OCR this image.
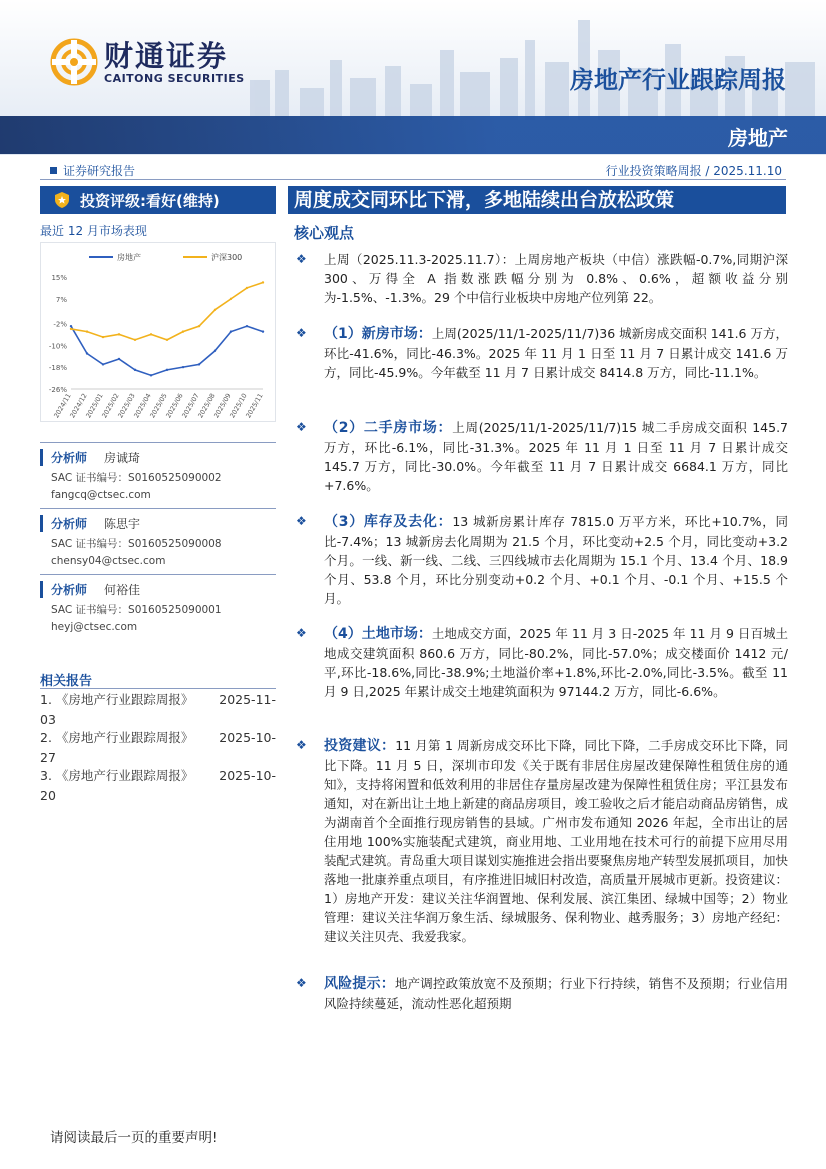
财通证券
CAITONG SECURITIES	房地产行业跟踪周报
房地产
证券研究报告	行业投资策略周报 / 2025.11.10
投资评级:看好(维持)
最近 12 月市场表现
房地产	沪深300
15%
7%
-2%
-10%
-18%
-26%
2024/11
2024/12
2025/01
2025/02
2025/03
2025/04
2025/05
2025/06
2025/07
2025/08
2025/09
2025/10
2025/11
分析师 房诚琦
SAC 证书编号：S0160525090002
fangcq@ctsec.com
分析师 陈思宇
SAC 证书编号：S0160525090008
chensy04@ctsec.com
分析师 何裕佳
SAC 证书编号：S0160525090001
heyj@ctsec.com
相关报告
1. 《房地产行业跟踪周报》 2025-11-
03
2. 《房地产行业跟踪周报》 2025-10-
27
3. 《房地产行业跟踪周报》 2025-10-
20
周度成交同环比下滑，多地陆续出台放松政策
核心观点
❖ 上周（2025.11.3-2025.11.7）：上周房地产板块（中信）涨跌幅-0.7%,同期沪深 300、万得全 A 指数涨跌幅分别为 0.8%、0.6%，超额收益分别为-1.5%、-1.3%。29 个中信行业板块中房地产位列第 22。
❖ （1）新房市场：上周(2025/11/1-2025/11/7)36 城新房成交面积 141.6 万方，环比-41.6%，同比-46.3%。2025 年 11 月 1 日至 11 月 7 日累计成交 141.6 万方，同比-45.9%。今年截至 11 月 7 日累计成交 8414.8 万方，同比-11.1%。
❖ （2）二手房市场：上周(2025/11/1-2025/11/7)15 城二手房成交面积 145.7 万方，环比-6.1%，同比-31.3%。2025 年 11 月 1 日至 11 月 7 日累计成交 145.7 万方，同比-30.0%。今年截至 11 月 7 日累计成交 6684.1 万方，同比+7.6%。
❖ （3）库存及去化：13 城新房累计库存 7815.0 万平方米，环比+10.7%，同比-7.4%；13 城新房去化周期为 21.5 个月，环比变动+2.5 个月，同比变动+3.2 个月。一线、新一线、二线、三四线城市去化周期为 15.1 个月、13.4 个月、18.9 个月、53.8 个月，环比分别变动+0.2 个月、+0.1 个月、-0.1 个月、+15.5 个月。
❖ （4）土地市场：土地成交方面，2025 年 11 月 3 日-2025 年 11 月 9 日百城土地成交建筑面积 860.6 万方，同比-80.2%，同比-57.0%；成交楼面价 1412 元/平,环比-18.6%,同比-38.9%;土地溢价率+1.8%,环比-2.0%,同比-3.5%。截至 11 月 9 日,2025 年累计成交土地建筑面积为 97144.2 万方，同比-6.6%。
❖ 投资建议：11 月第 1 周新房成交环比下降，同比下降，二手房成交环比下降，同比下降。11 月 5 日，深圳市印发《关于既有非居住房屋改建保障性租赁住房的通知》，支持将闲置和低效利用的非居住存量房屋改建为保障性租赁住房；平江县发布通知，对在新出让土地上新建的商品房项目，竣工验收之后才能启动商品房销售，成为湖南首个全面推行现房销售的县域。广州市发布通知 2026 年起，全市出让的居住用地 100%实施装配式建筑，商业用地、工业用地在技术可行的前提下应用尽用装配式建筑。青岛重大项目谋划实施推进会指出要聚焦房地产转型发展抓项目，加快落地一批康养重点项目，有序推进旧城旧村改造，高质量开展城市更新。投资建议：1）房地产开发：建议关注华润置地、保利发展、滨江集团、绿城中国等；2）物业管理：建议关注华润万象生活、绿城服务、保利物业、越秀服务；3）房地产经纪：建议关注贝壳、我爱我家。
❖ 风险提示：地产调控政策放宽不及预期；行业下行持续，销售不及预期；行业信用风险持续蔓延，流动性恶化超预期
请阅读最后一页的重要声明!
